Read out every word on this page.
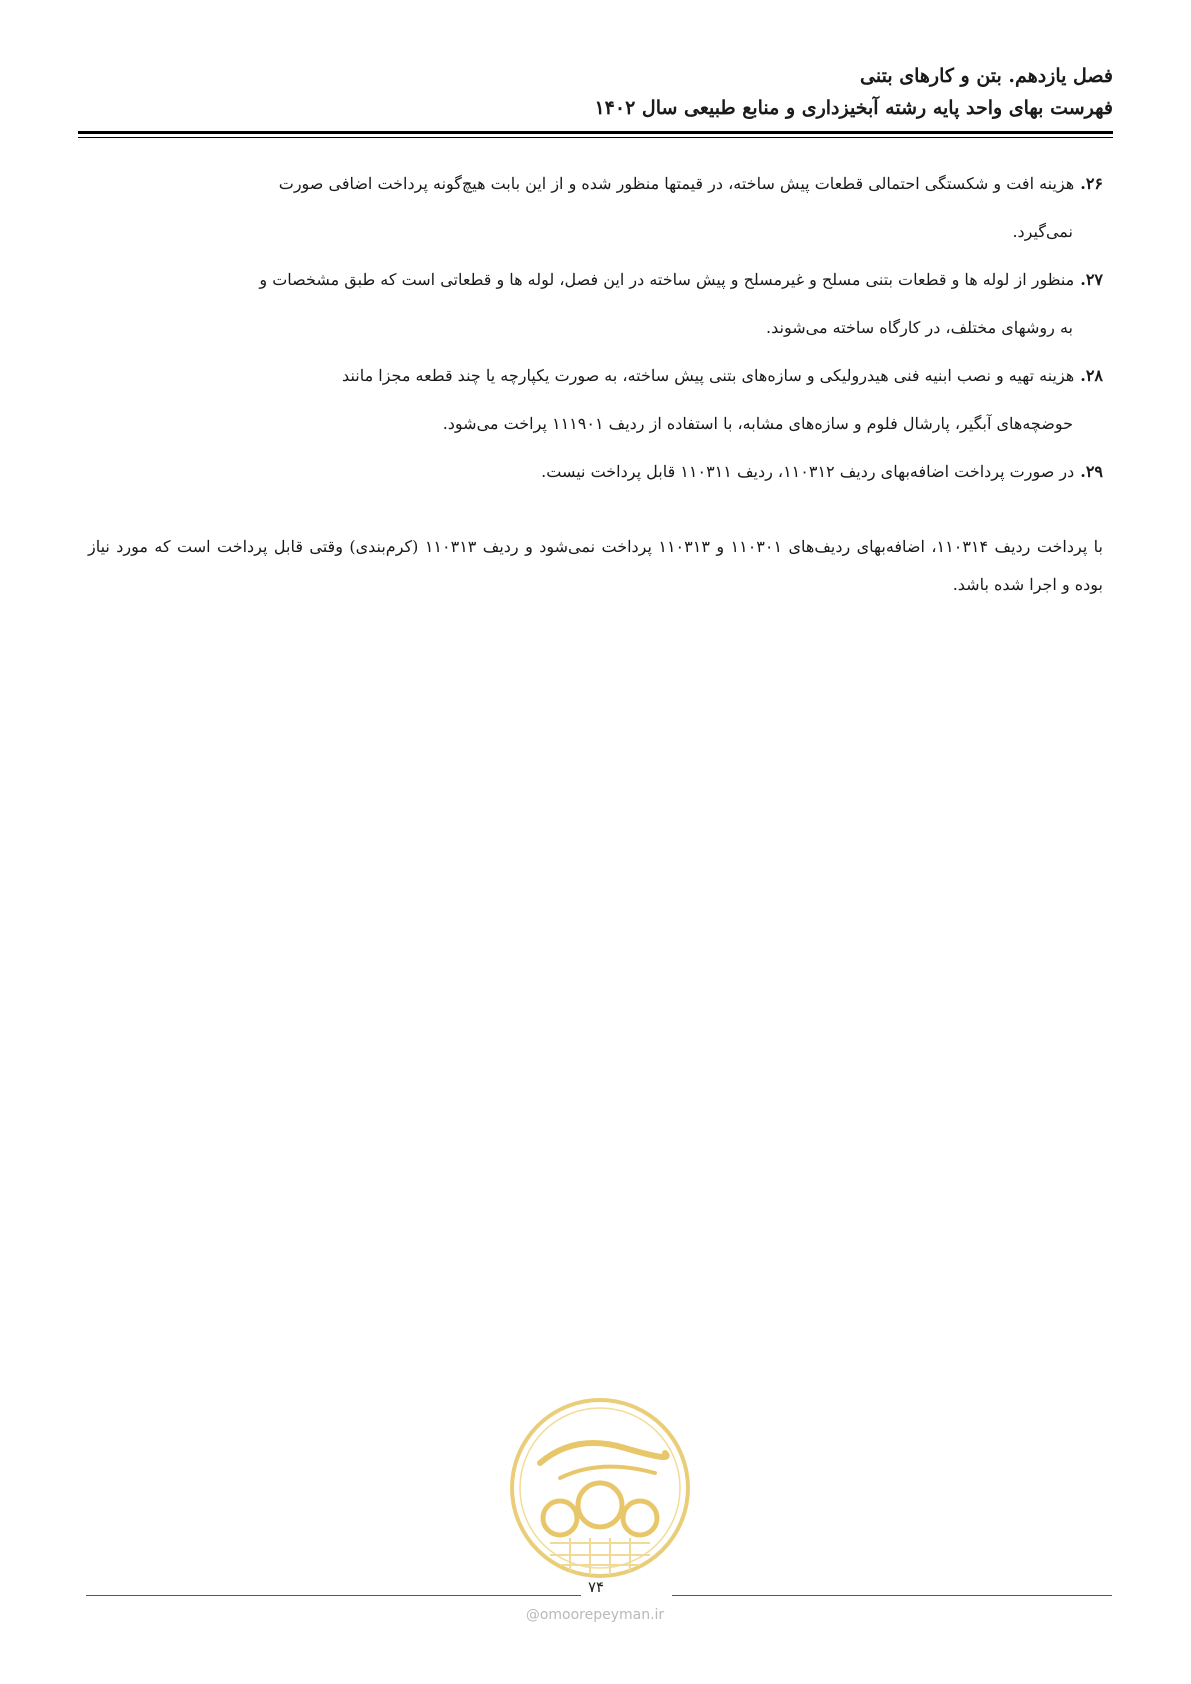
فصل یازدهم. بتن و کارهای بتنی
فهرست بهای واحد پایه رشته آبخیزداری و منابع طبیعی سال ۱۴۰۲
۲۶.هزینه افت و شکستگی احتمالی قطعات پیش ساخته، در قیمتها منظور شده و از این بابت هیچ‌گونه پرداخت اضافی صورت
نمی‌گیرد.
۲۷.منظور از لوله ها و قطعات بتنی مسلح و غیرمسلح و پیش ساخته در این فصل، لوله ها و قطعاتی است که طبق مشخصات و
به روشهای مختلف، در کارگاه ساخته می‌شوند.
۲۸.هزینه تهیه و نصب ابنیه فنی هیدرولیکی و سازه‌های بتنی پیش ساخته، به صورت یکپارچه یا چند قطعه مجزا مانند
حوضچه‌های آبگیر، پارشال فلوم و سازه‌های مشابه، با استفاده از ردیف ۱۱۱۹۰۱ پراخت می‌شود.
۲۹.در صورت پرداخت اضافه‌بهای ردیف ۱۱۰۳۱۲، ردیف ۱۱۰۳۱۱ قابل پرداخت نیست.
با پرداخت ردیف ۱۱۰۳۱۴، اضافه‌بهای ردیف‌های ۱۱۰۳۰۱ و ۱۱۰۳۱۳ پرداخت نمی‌شود و ردیف ۱۱۰۳۱۳ (کرم‌بندی) وقتی قابل پرداخت است که مورد نیاز بوده و اجرا شده باشد.
۷۴
@omoorepeyman.ir
